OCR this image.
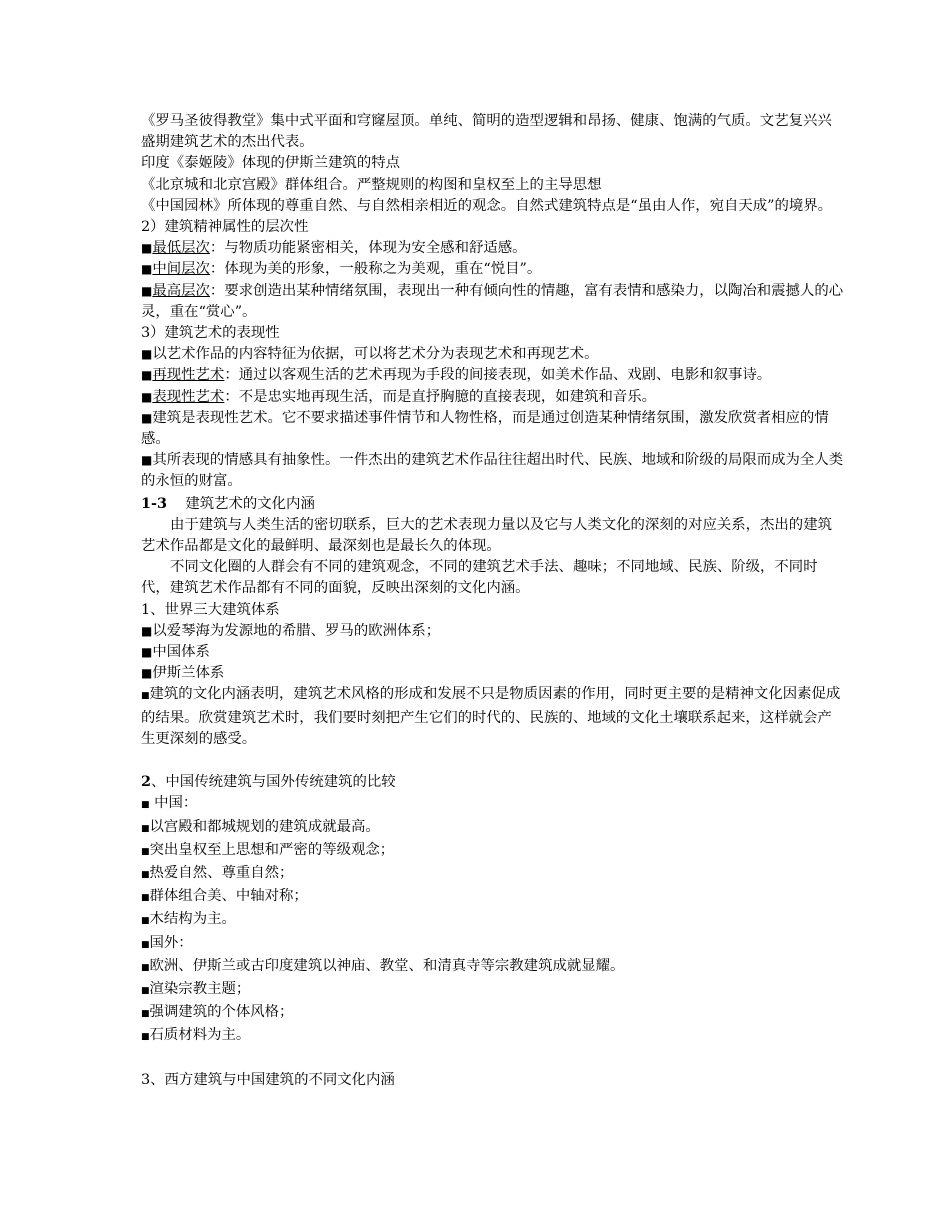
《罗马圣彼得教堂》集中式平面和穹窿屋顶。单纯、简明的造型逻辑和昂扬、健康、饱满的气质。文艺复兴兴盛期建筑艺术的杰出代表。

印度《泰姬陵》体现的伊斯兰建筑的特点

《北京城和北京宫殿》群体组合。严整规则的构图和皇权至上的主导思想

《中国园林》所体现的尊重自然、与自然相亲相近的观念。自然式建筑特点是“虽由人作，宛自天成”的境界。

2）建筑精神属性的层次性

■最低层次：与物质功能紧密相关，体现为安全感和舒适感。

■中间层次：体现为美的形象，一般称之为美观，重在“悦目”。

■最高层次：要求创造出某种情绪氛围，表现出一种有倾向性的情趣，富有表情和感染力，以陶冶和震撼人的心灵，重在“赏心”。

3）建筑艺术的表现性

■以艺术作品的内容特征为依据，可以将艺术分为表现艺术和再现艺术。

■再现性艺术：通过以客观生活的艺术再现为手段的间接表现，如美术作品、戏剧、电影和叙事诗。

■表现性艺术：不是忠实地再现生活，而是直抒胸臆的直接表现，如建筑和音乐。

■建筑是表现性艺术。它不要求描述事件情节和人物性格，而是通过创造某种情绪氛围，激发欣赏者相应的情感。

■其所表现的情感具有抽象性。一件杰出的建筑艺术作品往往超出时代、民族、地域和阶级的局限而成为全人类的永恒的财富。

1-3 建筑艺术的文化内涵

由于建筑与人类生活的密切联系，巨大的艺术表现力量以及它与人类文化的深刻的对应关系，杰出的建筑艺术作品都是文化的最鲜明、最深刻也是最长久的体现。

不同文化圈的人群会有不同的建筑观念，不同的建筑艺术手法、趣味；不同地域、民族、阶级，不同时代，建筑艺术作品都有不同的面貌，反映出深刻的文化内涵。

1、世界三大建筑体系

■以爱琴海为发源地的希腊、罗马的欧洲体系；

■中国体系

■伊斯兰体系

■建筑的文化内涵表明，建筑艺术风格的形成和发展不只是物质因素的作用，同时更主要的是精神文化因素促成的结果。欣赏建筑艺术时，我们要时刻把产生它们的时代的、民族的、地域的文化土壤联系起来，这样就会产生更深刻的感受。

2、中国传统建筑与国外传统建筑的比较

■ 中国：

■以宫殿和都城规划的建筑成就最高。

■突出皇权至上思想和严密的等级观念；

■热爱自然、尊重自然；

■群体组合美、中轴对称；

■木结构为主。

■国外：

■欧洲、伊斯兰或古印度建筑以神庙、教堂、和清真寺等宗教建筑成就显耀。

■渲染宗教主题；

■强调建筑的个体风格；

■石质材料为主。

3、西方建筑与中国建筑的不同文化内涵
